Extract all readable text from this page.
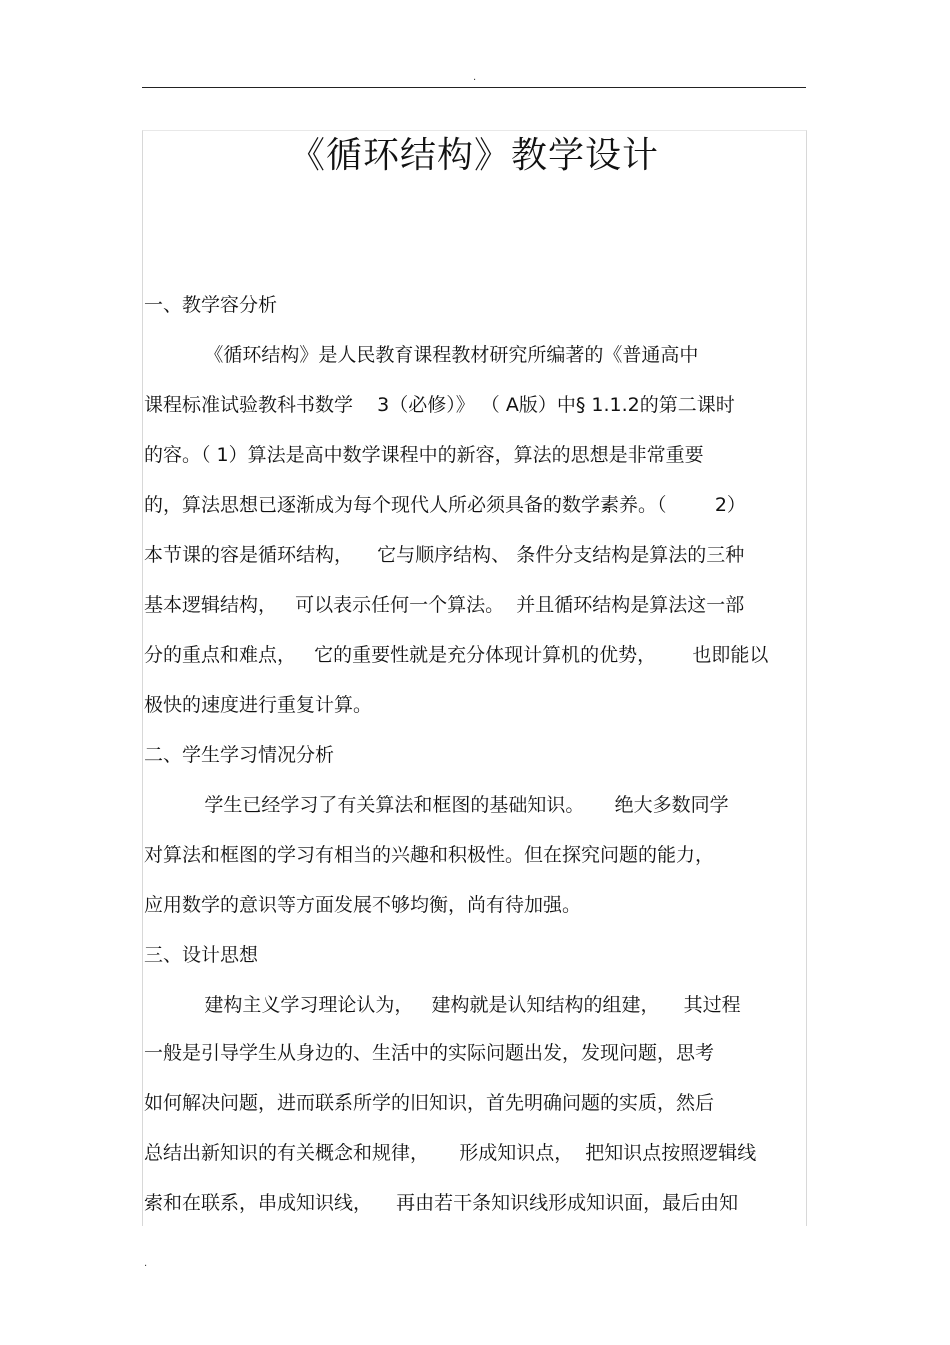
.
《循环结构》教学设计
一、教学容分析
《循环结构》是人民教育课程教材研究所编著的《普通高中
课程标准试验教科书数学    3（必修）》 （ A版）中§ 1.1.2的第二课时
的容。（ 1）算法是高中数学课程中的新容，算法的思想是非常重要
的，算法思想已逐渐成为每个现代人所必须具备的数学素养。（        2）
本节课的容是循环结构，    它与顺序结构、 条件分支结构是算法的三种
基本逻辑结构，   可以表示任何一个算法。  并且循环结构是算法这一部
分的重点和难点，   它的重要性就是充分体现计算机的优势，      也即能以
极快的速度进行重复计算。
二、学生学习情况分析
学生已经学习了有关算法和框图的基础知识。     绝大多数同学
对算法和框图的学习有相当的兴趣和积极性。但在探究问题的能力，
应用数学的意识等方面发展不够均衡，尚有待加强。
三、设计思想
建构主义学习理论认为，   建构就是认知结构的组建，    其过程
一般是引导学生从身边的、生活中的实际问题出发，发现问题，思考
如何解决问题，进而联系所学的旧知识，首先明确问题的实质，然后
总结出新知识的有关概念和规律，     形成知识点，  把知识点按照逻辑线
索和在联系，串成知识线，    再由若干条知识线形成知识面，最后由知
.
